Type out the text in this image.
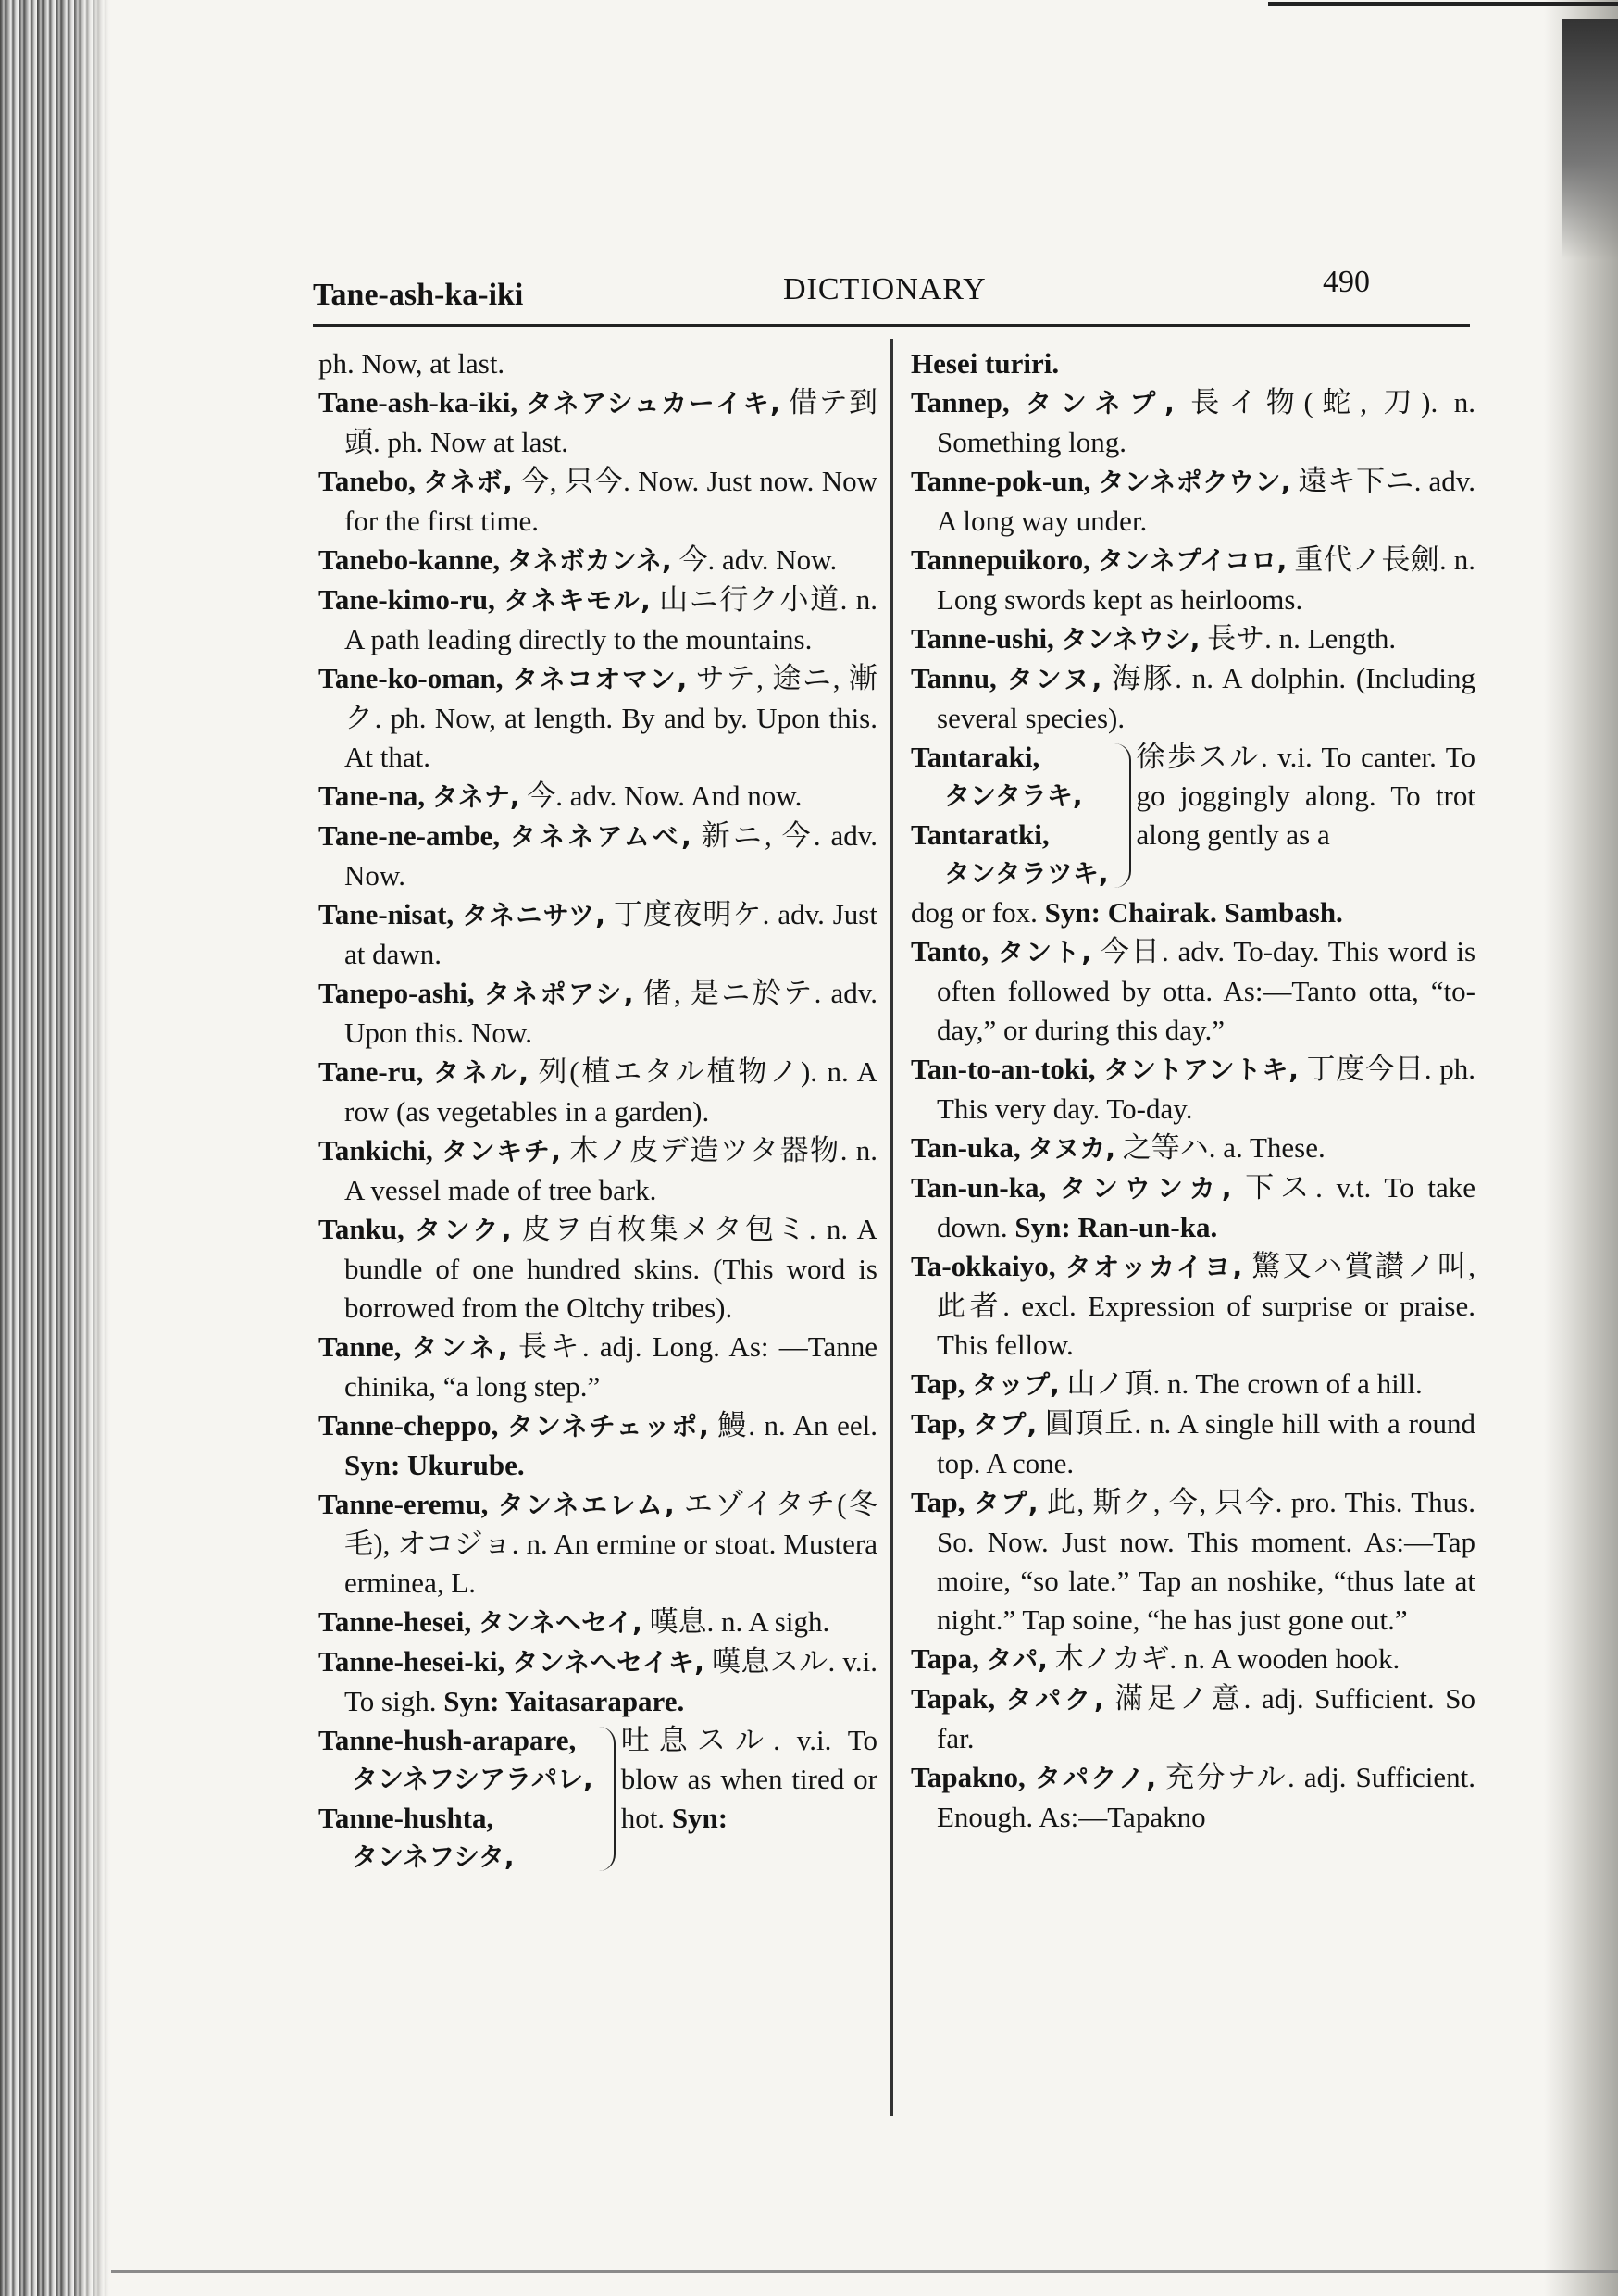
Tane-ash-ka-iki	DICTIONARY	490
ph. Now, at last.
Tane-ash-ka-iki, タネアシュカーイキ, 借テ到頭. ph. Now at last.
Tanebo, タネボ, 今, 只今. Now. Just now. Now for the first time.
Tanebo-kanne, タネボカンネ, 今. adv. Now.
Tane-kimo-ru, タネキモル, 山ニ行ク小道. n. A path leading directly to the mountains.
Tane-ko-oman, タネコオマン, サテ, 途ニ, 漸ク. ph. Now, at length. By and by. Upon this. At that.
Tane-na, タネナ, 今. adv. Now. And now.
Tane-ne-ambe, タネネアムベ, 新ニ, 今. adv. Now.
Tane-nisat, タネニサツ, 丁度夜明ケ. adv. Just at dawn.
Tanepo-ashi, タネポアシ, 偖, 是ニ於テ. adv. Upon this. Now.
Tane-ru, タネル, 列(植エタル植物ノ). n. A row (as vegetables in a garden).
Tankichi, タンキチ, 木ノ皮デ造ツタ器物. n. A vessel made of tree bark.
Tanku, タンク, 皮ヲ百枚集メタ包ミ. n. A bundle of one hundred skins. (This word is borrowed from the Oltchy tribes).
Tanne, タンネ, 長キ. adj. Long. As: —Tanne chinika, “a long step.”
Tanne-cheppo, タンネチェッポ, 鰻. n. An eel. Syn: Ukurube.
Tanne-eremu, タンネエレム, エゾイタチ(冬毛), オコジョ. n. An ermine or stoat. Mustera erminea, L.
Tanne-hesei, タンネヘセイ, 嘆息. n. A sigh.
Tanne-hesei-ki, タンネヘセイキ, 嘆息スル. v.i. To sigh. Syn: Yaitasarapare.
Tanne-hush-arapare,
タンネフシアラパレ,
Tanne-hushta,
タンネフシタ,
吐息スル. v.i. To blow as when tired or hot. Syn:
Hesei turiri.
Tannep, タンネプ, 長イ物(蛇, 刀). n. Something long.
Tanne-pok-un, タンネポクウン, 遠キ下ニ. adv. A long way under.
Tannepuikoro, タンネプイコロ, 重代ノ長劍. n. Long swords kept as heirlooms.
Tanne-ushi, タンネウシ, 長サ. n. Length.
Tannu, タンヌ, 海豚. n. A dolphin. (Including several species).
Tantaraki,
タンタラキ,
Tantaratki,
タンタラツキ,
徐歩スル. v.i. To canter. To go joggingly along. To trot along gently as a
dog or fox. Syn: Chairak. Sambash.
Tanto, タント, 今日. adv. To-day. This word is often followed by otta. As:—Tanto otta, “to-day,” or during this day.”
Tan-to-an-toki, タントアントキ, 丁度今日. ph. This very day. To-day.
Tan-uka, タヌカ, 之等ハ. a. These.
Tan-un-ka, タンウンカ, 下ス. v.t. To take down. Syn: Ran-un-ka.
Ta-okkaiyo, タオッカイヨ, 驚又ハ賞讃ノ叫, 此者. excl. Expression of surprise or praise. This fellow.
Tap, タップ, 山ノ頂. n. The crown of a hill.
Tap, タプ, 圓頂丘. n. A single hill with a round top. A cone.
Tap, タプ, 此, 斯ク, 今, 只今. pro. This. Thus. So. Now. Just now. This moment. As:—Tap moire, “so late.” Tap an noshike, “thus late at night.” Tap soine, “he has just gone out.”
Tapa, タパ, 木ノカギ. n. A wooden hook.
Tapak, タパク, 滿足ノ意. adj. Sufficient. So far.
Tapakno, タパクノ, 充分ナル. adj. Sufficient. Enough. As:—Tapakno
